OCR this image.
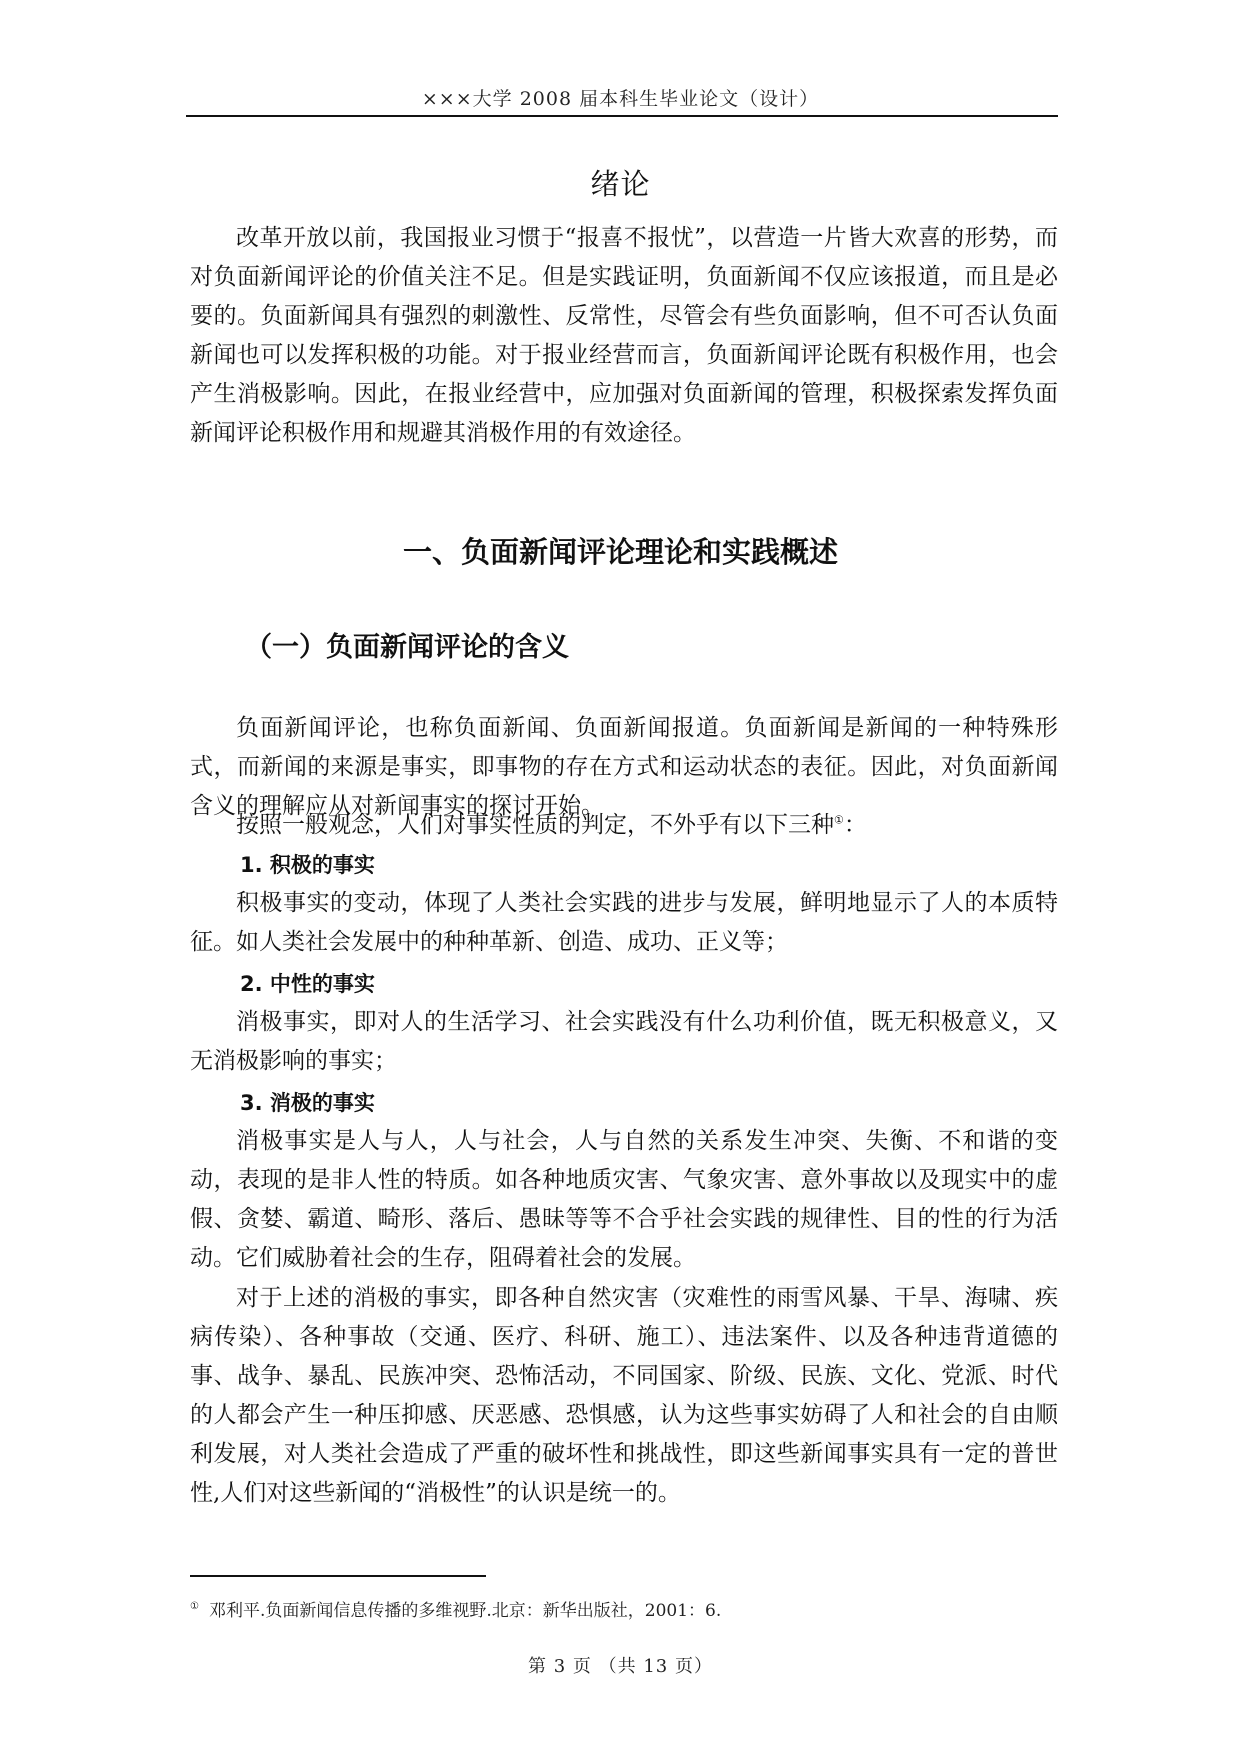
×××大学 2008 届本科生毕业论文（设计）
绪论

改革开放以前，我国报业习惯于“报喜不报忧”，以营造一片皆大欢喜的形势，而对负面新闻评论的价值关注不足。但是实践证明，负面新闻不仅应该报道，而且是必要的。负面新闻具有强烈的刺激性、反常性，尽管会有些负面影响，但不可否认负面新闻也可以发挥积极的功能。对于报业经营而言，负面新闻评论既有积极作用，也会产生消极影响。因此，在报业经营中，应加强对负面新闻的管理，积极探索发挥负面新闻评论积极作用和规避其消极作用的有效途径。

一、负面新闻评论理论和实践概述
（一）负面新闻评论的含义

负面新闻评论，也称负面新闻、负面新闻报道。负面新闻是新闻的一种特殊形式，而新闻的来源是事实，即事物的存在方式和运动状态的表征。因此，对负面新闻含义的理解应从对新闻事实的探讨开始。

按照一般观念，人们对事实性质的判定，不外乎有以下三种①：

1. 积极的事实

积极事实的变动，体现了人类社会实践的进步与发展，鲜明地显示了人的本质特征。如人类社会发展中的种种革新、创造、成功、正义等；

2. 中性的事实

消极事实，即对人的生活学习、社会实践没有什么功利价值，既无积极意义，又无消极影响的事实；

3. 消极的事实

消极事实是人与人，人与社会，人与自然的关系发生冲突、失衡、不和谐的变动，表现的是非人性的特质。如各种地质灾害、气象灾害、意外事故以及现实中的虚假、贪婪、霸道、畸形、落后、愚昧等等不合乎社会实践的规律性、目的性的行为活动。它们威胁着社会的生存，阻碍着社会的发展。

对于上述的消极的事实，即各种自然灾害（灾难性的雨雪风暴、干旱、海啸、疾病传染）、各种事故（交通、医疗、科研、施工）、违法案件、以及各种违背道德的事、战争、暴乱、民族冲突、恐怖活动，不同国家、阶级、民族、文化、党派、时代的人都会产生一种压抑感、厌恶感、恐惧感，认为这些事实妨碍了人和社会的自由顺利发展，对人类社会造成了严重的破坏性和挑战性，即这些新闻事实具有一定的普世性,人们对这些新闻的“消极性”的认识是统一的。

① 邓利平.负面新闻信息传播的多维视野.北京：新华出版社，2001：6.
第 3 页 （共 13 页）
